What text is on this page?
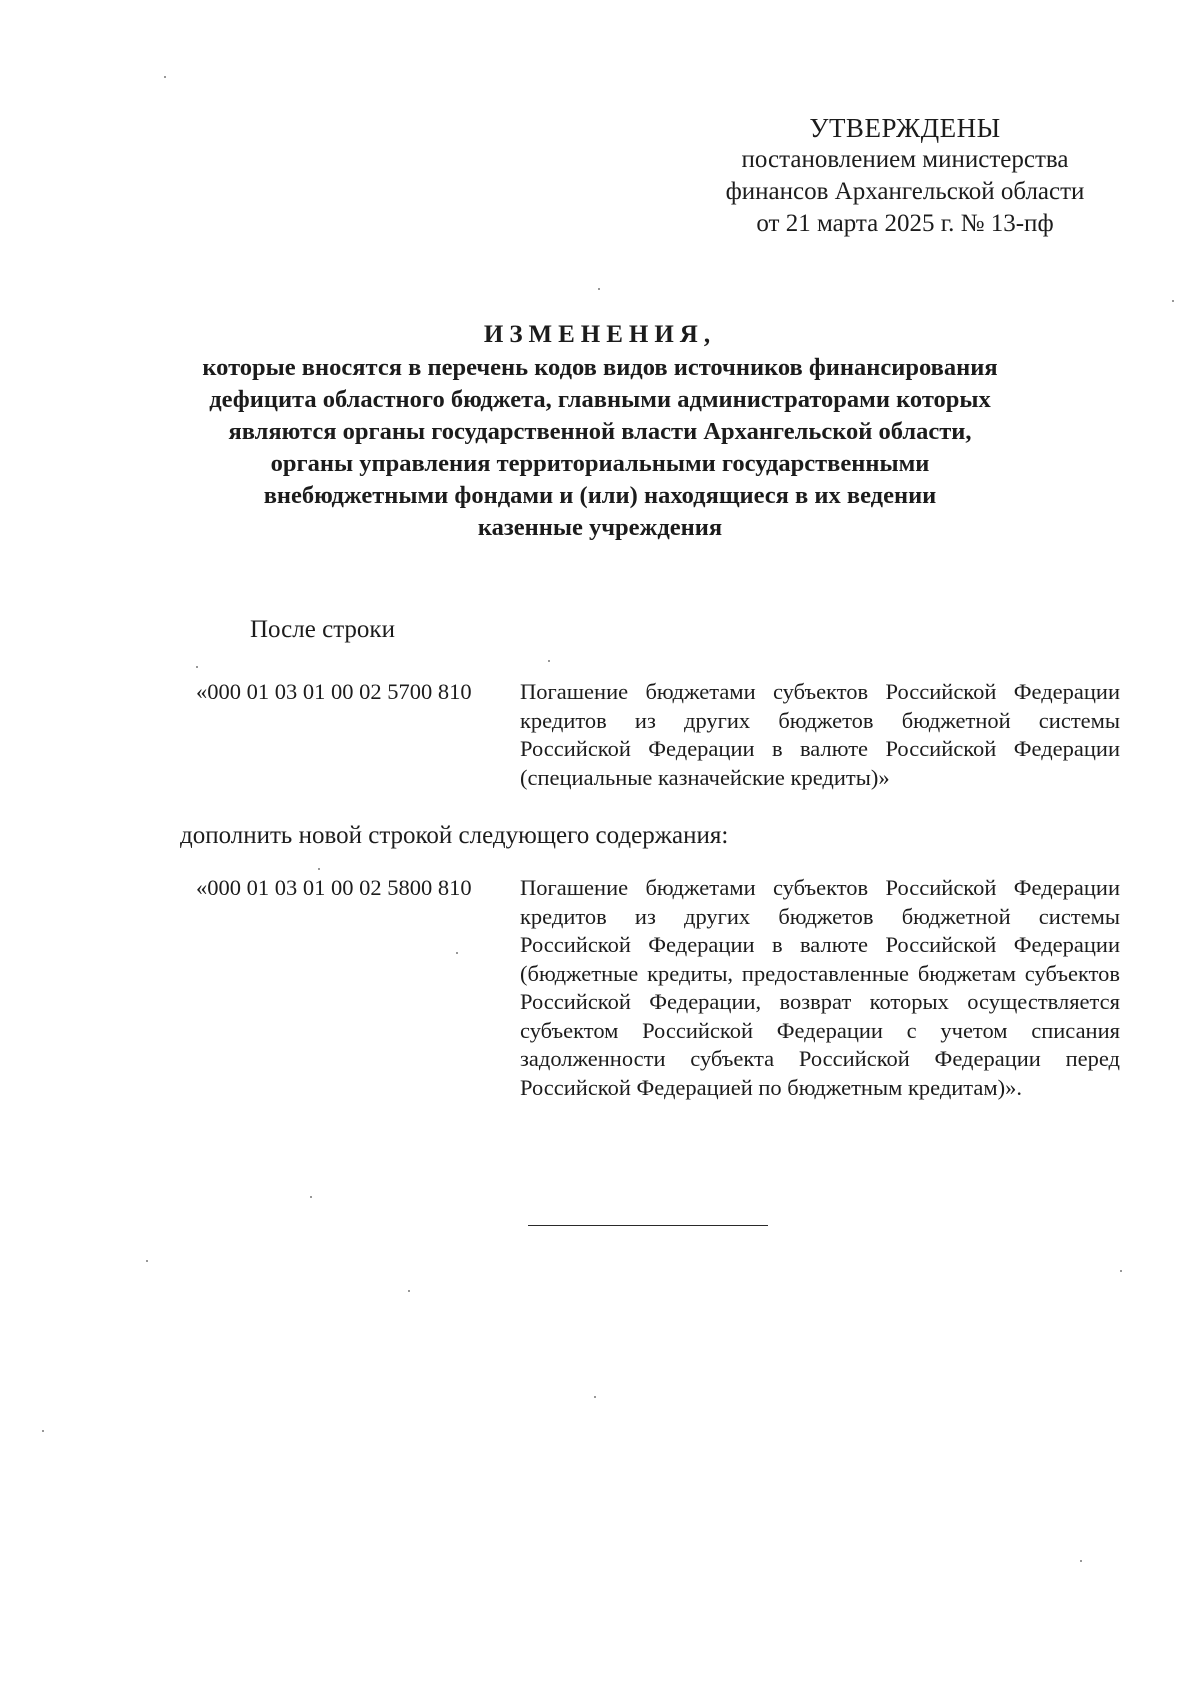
УТВЕРЖДЕНЫ
постановлением министерства
финансов Архангельской области
от 21 марта 2025 г. № 13-пф
ИЗМЕНЕНИЯ,
которые вносятся в перечень кодов видов источников финансирования
дефицита областного бюджета, главными администраторами которых
являются органы государственной власти Архангельской области,
органы управления территориальными государственными
внебюджетными фондами и (или) находящиеся в их ведении
казенные учреждения
После строки
«000 01 03 01 00 02 5700 810	Погашение бюджетами субъектов Российской Федерации кредитов из других бюджетов бюджетной системы Российской Федерации в валюте Российской Федерации (специальные казначейские кредиты)»
дополнить новой строкой следующего содержания:
«000 01 03 01 00 02 5800 810	Погашение бюджетами субъектов Российской Федерации кредитов из других бюджетов бюджетной системы Российской Федерации в валюте Российской Федерации (бюджетные кредиты, предоставленные бюджетам субъектов Российской Федерации, возврат которых осуществляется субъектом Российской Федерации с учетом списания задолженности субъекта Российской Федерации перед Российской Федерацией по бюджетным кредитам)».
